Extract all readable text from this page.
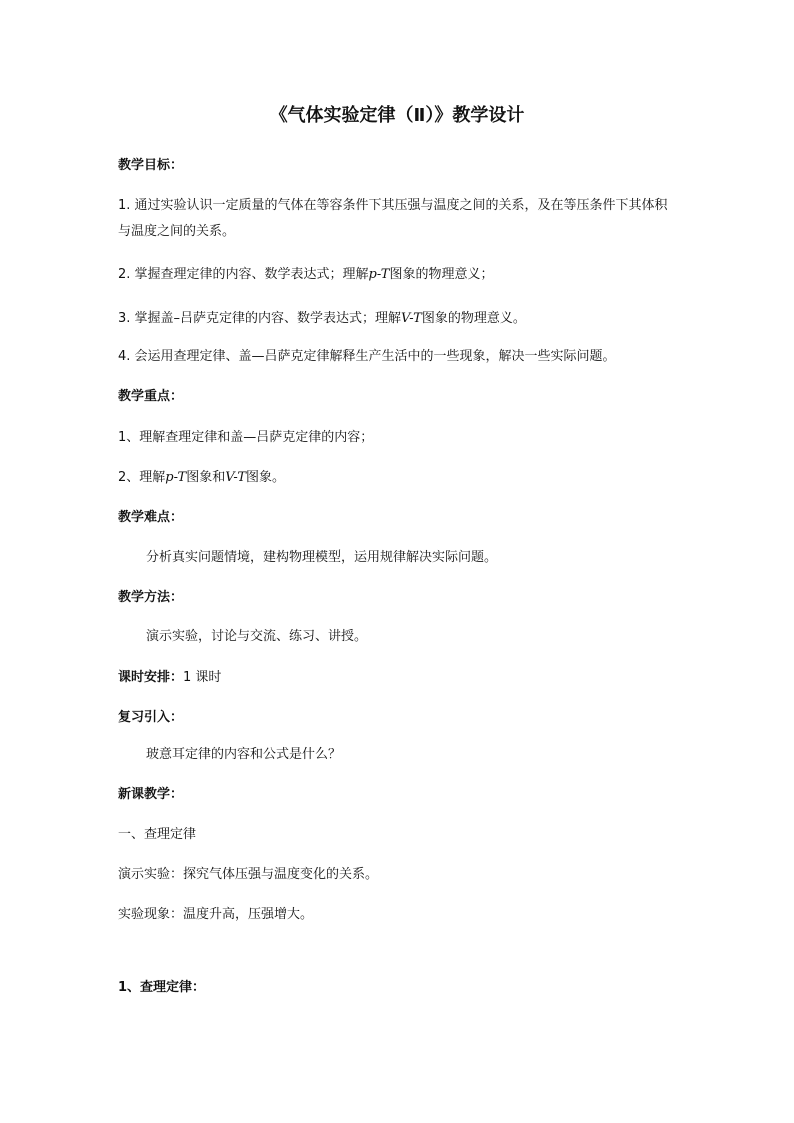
《气体实验定律（Ⅱ）》教学设计
教学目标：
1. 通过实验认识一定质量的气体在等容条件下其压强与温度之间的关系，及在等压条件下其体积与温度之间的关系。
2. 掌握查理定律的内容、数学表达式；理解p-T图象的物理意义；
3. 掌握盖–吕萨克定律的内容、数学表达式；理解V-T图象的物理意义。
4. 会运用查理定律、盖—吕萨克定律解释生产生活中的一些现象，解决一些实际问题。
教学重点：
1、理解查理定律和盖—吕萨克定律的内容；
2、理解p-T图象和V-T图象。
教学难点：
分析真实问题情境，建构物理模型，运用规律解决实际问题。
教学方法：
演示实验，讨论与交流、练习、讲授。
课时安排：1 课时
复习引入：
玻意耳定律的内容和公式是什么？
新课教学：
一、查理定律
演示实验：探究气体压强与温度变化的关系。
实验现象：温度升高，压强增大。
1、查理定律：
